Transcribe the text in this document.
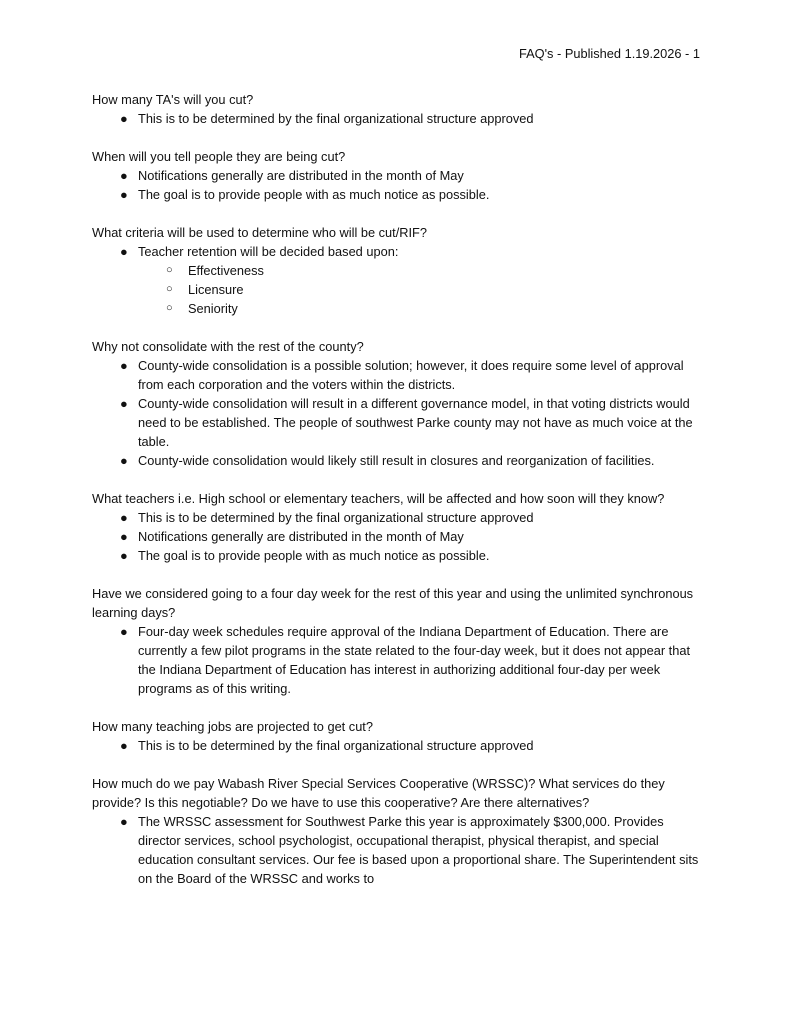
FAQ's - Published 1.19.2026 - 1

How many TA's will you cut?

● This is to be determined by the final organizational structure approved

When will you tell people they are being cut?

● Notifications generally are distributed in the month of May
● The goal is to provide people with as much notice as possible.

What criteria will be used to determine who will be cut/RIF?

● Teacher retention will be decided based upon:
○	Effectiveness
○	Licensure
○	Seniority

Why not consolidate with the rest of the county?

● County-wide consolidation is a possible solution; however, it does require some level of approval from each corporation and the voters within the districts.
● County-wide consolidation will result in a different governance model, in that voting districts would need to be established. The people of southwest Parke county may not have as much voice at the table.
● County-wide consolidation would likely still result in closures and reorganization of facilities.

What teachers i.e. High school or elementary teachers, will be affected and how soon will they know?

● This is to be determined by the final organizational structure approved
● Notifications generally are distributed in the month of May
● The goal is to provide people with as much notice as possible.

Have we considered going to a four day week for the rest of this year and using the unlimited synchronous learning days?

● Four-day week schedules require approval of the Indiana Department of Education. There are currently a few pilot programs in the state related to the four-day week, but it does not appear that the Indiana Department of Education has interest in authorizing additional four-day per week programs as of this writing.

How many teaching jobs are projected to get cut?

● This is to be determined by the final organizational structure approved

How much do we pay Wabash River Special Services Cooperative (WRSSC)? What services do they provide? Is this negotiable? Do we have to use this cooperative? Are there alternatives?

● The WRSSC assessment for Southwest Parke this year is approximately $300,000. Provides director services, school psychologist, occupational therapist, physical therapist, and special education consultant services. Our fee is based upon a proportional share. The Superintendent sits on the Board of the WRSSC and works to
